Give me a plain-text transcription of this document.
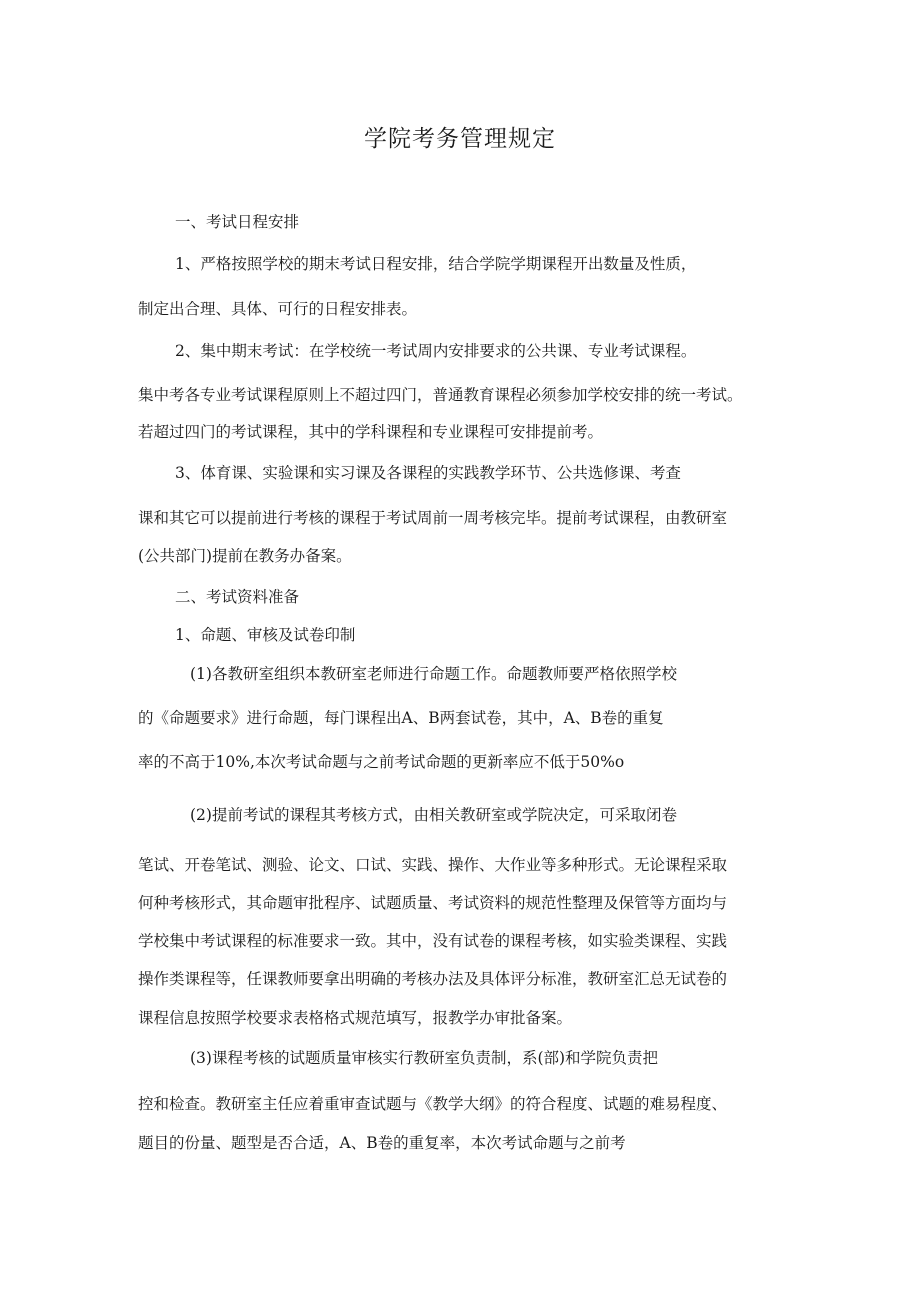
学院考务管理规定
一、考试日程安排
1、严格按照学校的期末考试日程安排，结合学院学期课程开出数量及性质，
制定出合理、具体、可行的日程安排表。
2、集中期末考试：在学校统一考试周内安排要求的公共课、专业考试课程。
集中考各专业考试课程原则上不超过四门，普通教育课程必须参加学校安排的统一考试。
若超过四门的考试课程，其中的学科课程和专业课程可安排提前考。
3、体育课、实验课和实习课及各课程的实践教学环节、公共选修课、考查
课和其它可以提前进行考核的课程于考试周前一周考核完毕。提前考试课程，由教研室
(公共部门)提前在教务办备案。
二、考试资料准备
1、命题、审核及试卷印制
(1)各教研室组织本教研室老师进行命题工作。命题教师要严格依照学校
的《命题要求》进行命题，每门课程出A、B两套试卷，其中，A、B卷的重复
率的不高于10%,本次考试命题与之前考试命题的更新率应不低于50%o
(2)提前考试的课程其考核方式，由相关教研室或学院决定，可采取闭卷
笔试、开卷笔试、测验、论文、口试、实践、操作、大作业等多种形式。无论课程采取
何种考核形式，其命题审批程序、试题质量、考试资料的规范性整理及保管等方面均与
学校集中考试课程的标准要求一致。其中，没有试卷的课程考核，如实验类课程、实践
操作类课程等，任课教师要拿出明确的考核办法及具体评分标准，教研室汇总无试卷的
课程信息按照学校要求表格格式规范填写，报教学办审批备案。
(3)课程考核的试题质量审核实行教研室负责制，系(部)和学院负责把
控和检查。教研室主任应着重审查试题与《教学大纲》的符合程度、试题的难易程度、
题目的份量、题型是否合适，A、B卷的重复率，本次考试命题与之前考
